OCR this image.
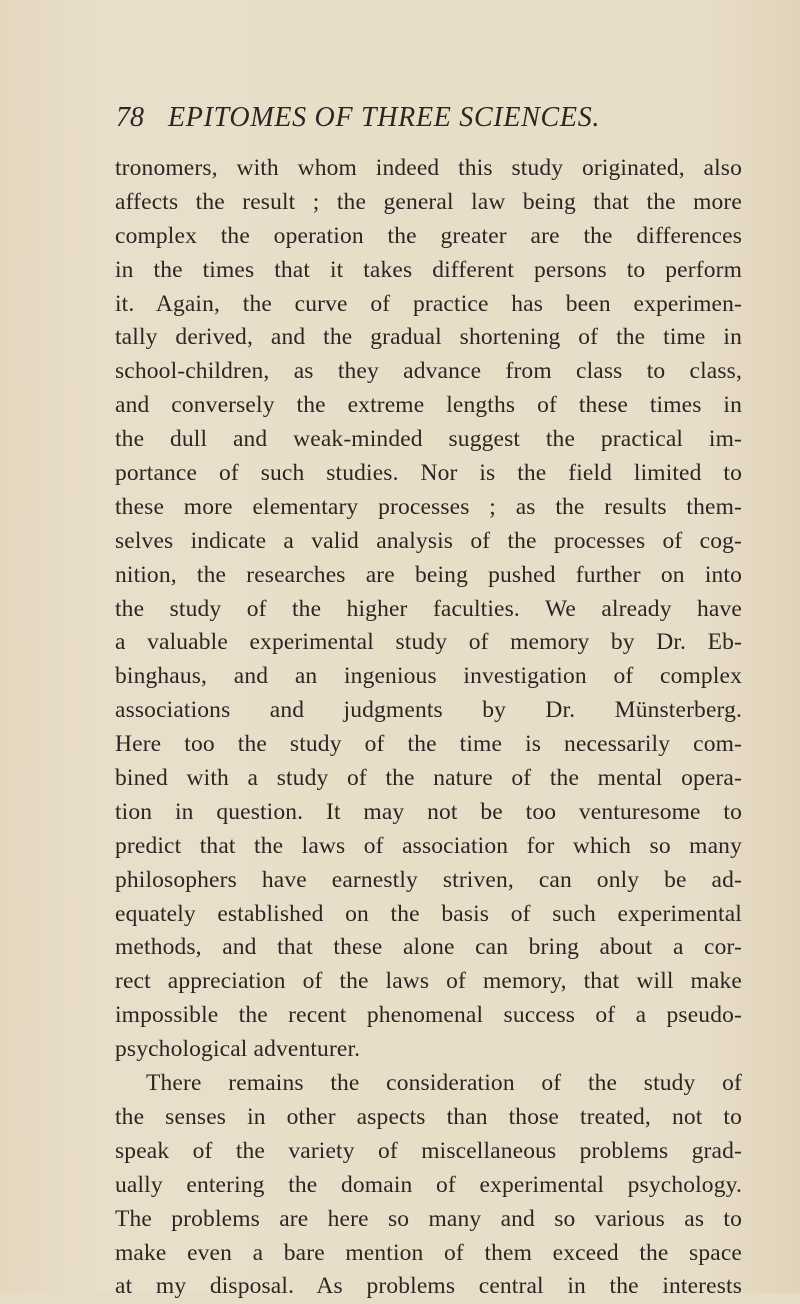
78 EPITOMES OF THREE SCIENCES.
tronomers, with whom indeed this study originated, also
affects the result ; the general law being that the more
complex the operation the greater are the differences
in the times that it takes different persons to perform
it. Again, the curve of practice has been experimen-
tally derived, and the gradual shortening of the time in
school-children, as they advance from class to class,
and conversely the extreme lengths of these times in
the dull and weak-minded suggest the practical im-
portance of such studies. Nor is the field limited to
these more elementary processes ; as the results them-
selves indicate a valid analysis of the processes of cog-
nition, the researches are being pushed further on into
the study of the higher faculties. We already have
a valuable experimental study of memory by Dr. Eb-
binghaus, and an ingenious investigation of complex
associations and judgments by Dr. Münsterberg.
Here too the study of the time is necessarily com-
bined with a study of the nature of the mental opera-
tion in question. It may not be too venturesome to
predict that the laws of association for which so many
philosophers have earnestly striven, can only be ad-
equately established on the basis of such experimental
methods, and that these alone can bring about a cor-
rect appreciation of the laws of memory, that will make
impossible the recent phenomenal success of a pseudo-
psychological adventurer.
There remains the consideration of the study of
the senses in other aspects than those treated, not to
speak of the variety of miscellaneous problems grad-
ually entering the domain of experimental psychology.
The problems are here so many and so various as to
make even a bare mention of them exceed the space
at my disposal. As problems central in the interests
